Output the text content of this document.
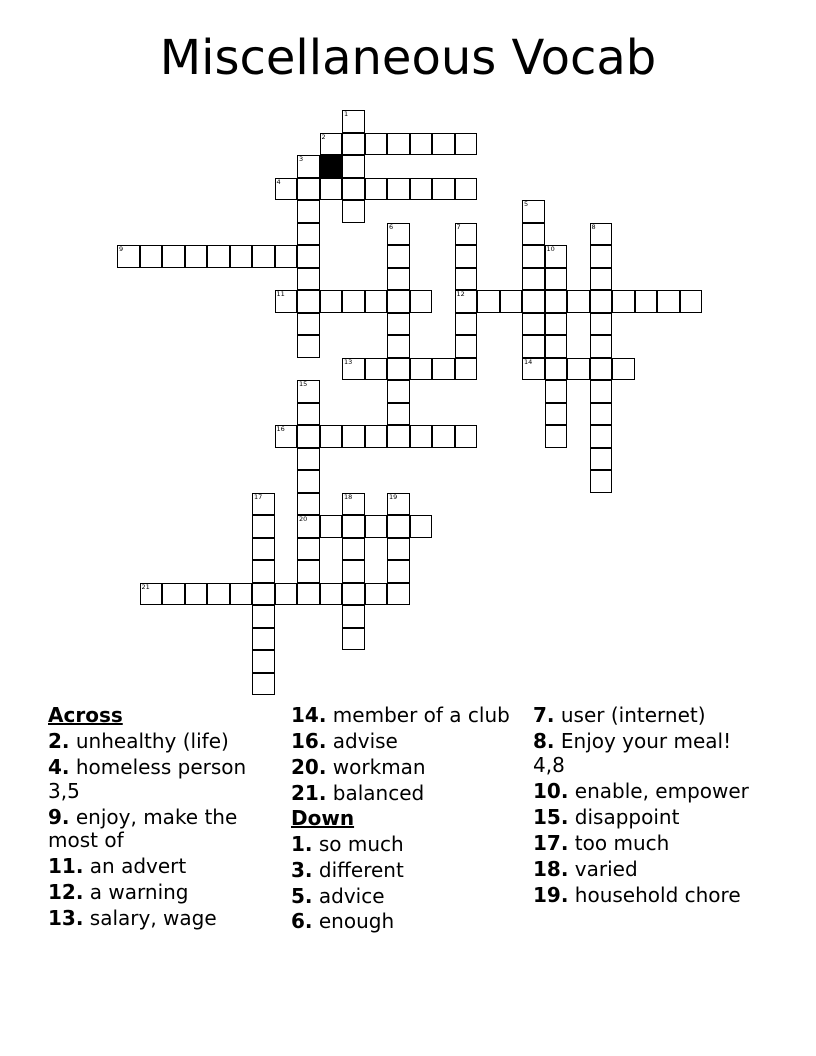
Miscellaneous Vocab
2
4
9
11	12
13	14
16
20
21
1
3
5
6	7	8
10
15
17	18	19
Across
2. unhealthy (life)
4. homeless person 3,5
9. enjoy, make the most of
11. an advert
12. a warning
13. salary, wage
14. member of a club
16. advise
20. workman
21. balanced
Down
1. so much
3. different
5. advice
6. enough
7. user (internet)
8. Enjoy your meal! 4,8
10. enable, empower
15. disappoint
17. too much
18. varied
19. household chore
